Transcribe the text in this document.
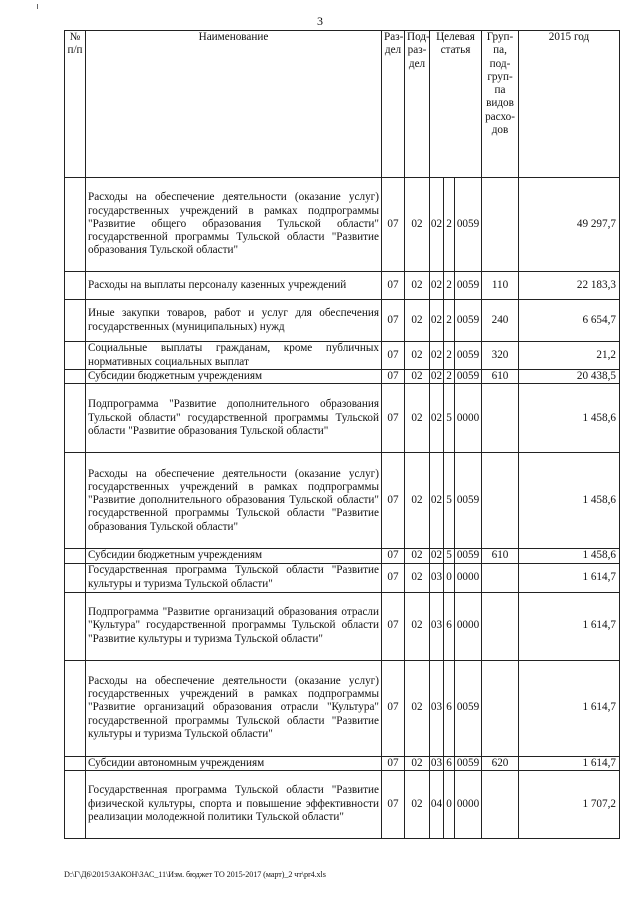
3
№ п/п	Наименование	Раз-дел	Под-раз-дел	Целевая статья			Груп-па, под-груп-па видов расхо-дов	2015 год
	Расходы на обеспечение деятельности (оказание услуг) государственных учреждений в рамках подпрограммы "Развитие общего образования Тульской области" государственной программы Тульской области "Развитие образования Тульской области"	07	02	02	2	0059		49 297,7
	Расходы на выплаты персоналу казенных учреждений	07	02	02	2	0059	110	22 183,3
	Иные закупки товаров, работ и услуг для обеспечения государственных (муниципальных) нужд	07	02	02	2	0059	240	6 654,7
	Социальные выплаты гражданам, кроме публичных нормативных социальных выплат	07	02	02	2	0059	320	21,2
	Субсидии бюджетным учреждениям	07	02	02	2	0059	610	20 438,5
	Подпрограмма "Развитие дополнительного образования Тульской области" государственной программы Тульской области "Развитие образования Тульской области"	07	02	02	5	0000		1 458,6
	Расходы на обеспечение деятельности (оказание услуг) государственных учреждений в рамках подпрограммы "Развитие дополнительного образования Тульской области" государственной программы Тульской области "Развитие образования Тульской области"	07	02	02	5	0059		1 458,6
	Субсидии бюджетным учреждениям	07	02	02	5	0059	610	1 458,6
	Государственная программа Тульской области "Развитие культуры и туризма Тульской области"	07	02	03	0	0000		1 614,7
	Подпрограмма "Развитие организаций образования отрасли "Культура" государственной программы Тульской области "Развитие культуры и туризма Тульской области"	07	02	03	6	0000		1 614,7
	Расходы на обеспечение деятельности (оказание услуг) государственных учреждений в рамках подпрограммы "Развитие организаций образования отрасли "Культура" государственной программы Тульской области "Развитие культуры и туризма Тульской области"	07	02	03	6	0059		1 614,7
	Субсидии автономным учреждениям	07	02	03	6	0059	620	1 614,7
	Государственная программа Тульской области "Развитие физической культуры, спорта и повышение эффективности реализации молодежной политики Тульской области"	07	02	04	0	0000		1 707,2
D:\Г\Д6\2015\ЗАКОН\ЗАС_11\Изм. бюджет ТО 2015-2017 (март)_2 чт\pr4.xls
